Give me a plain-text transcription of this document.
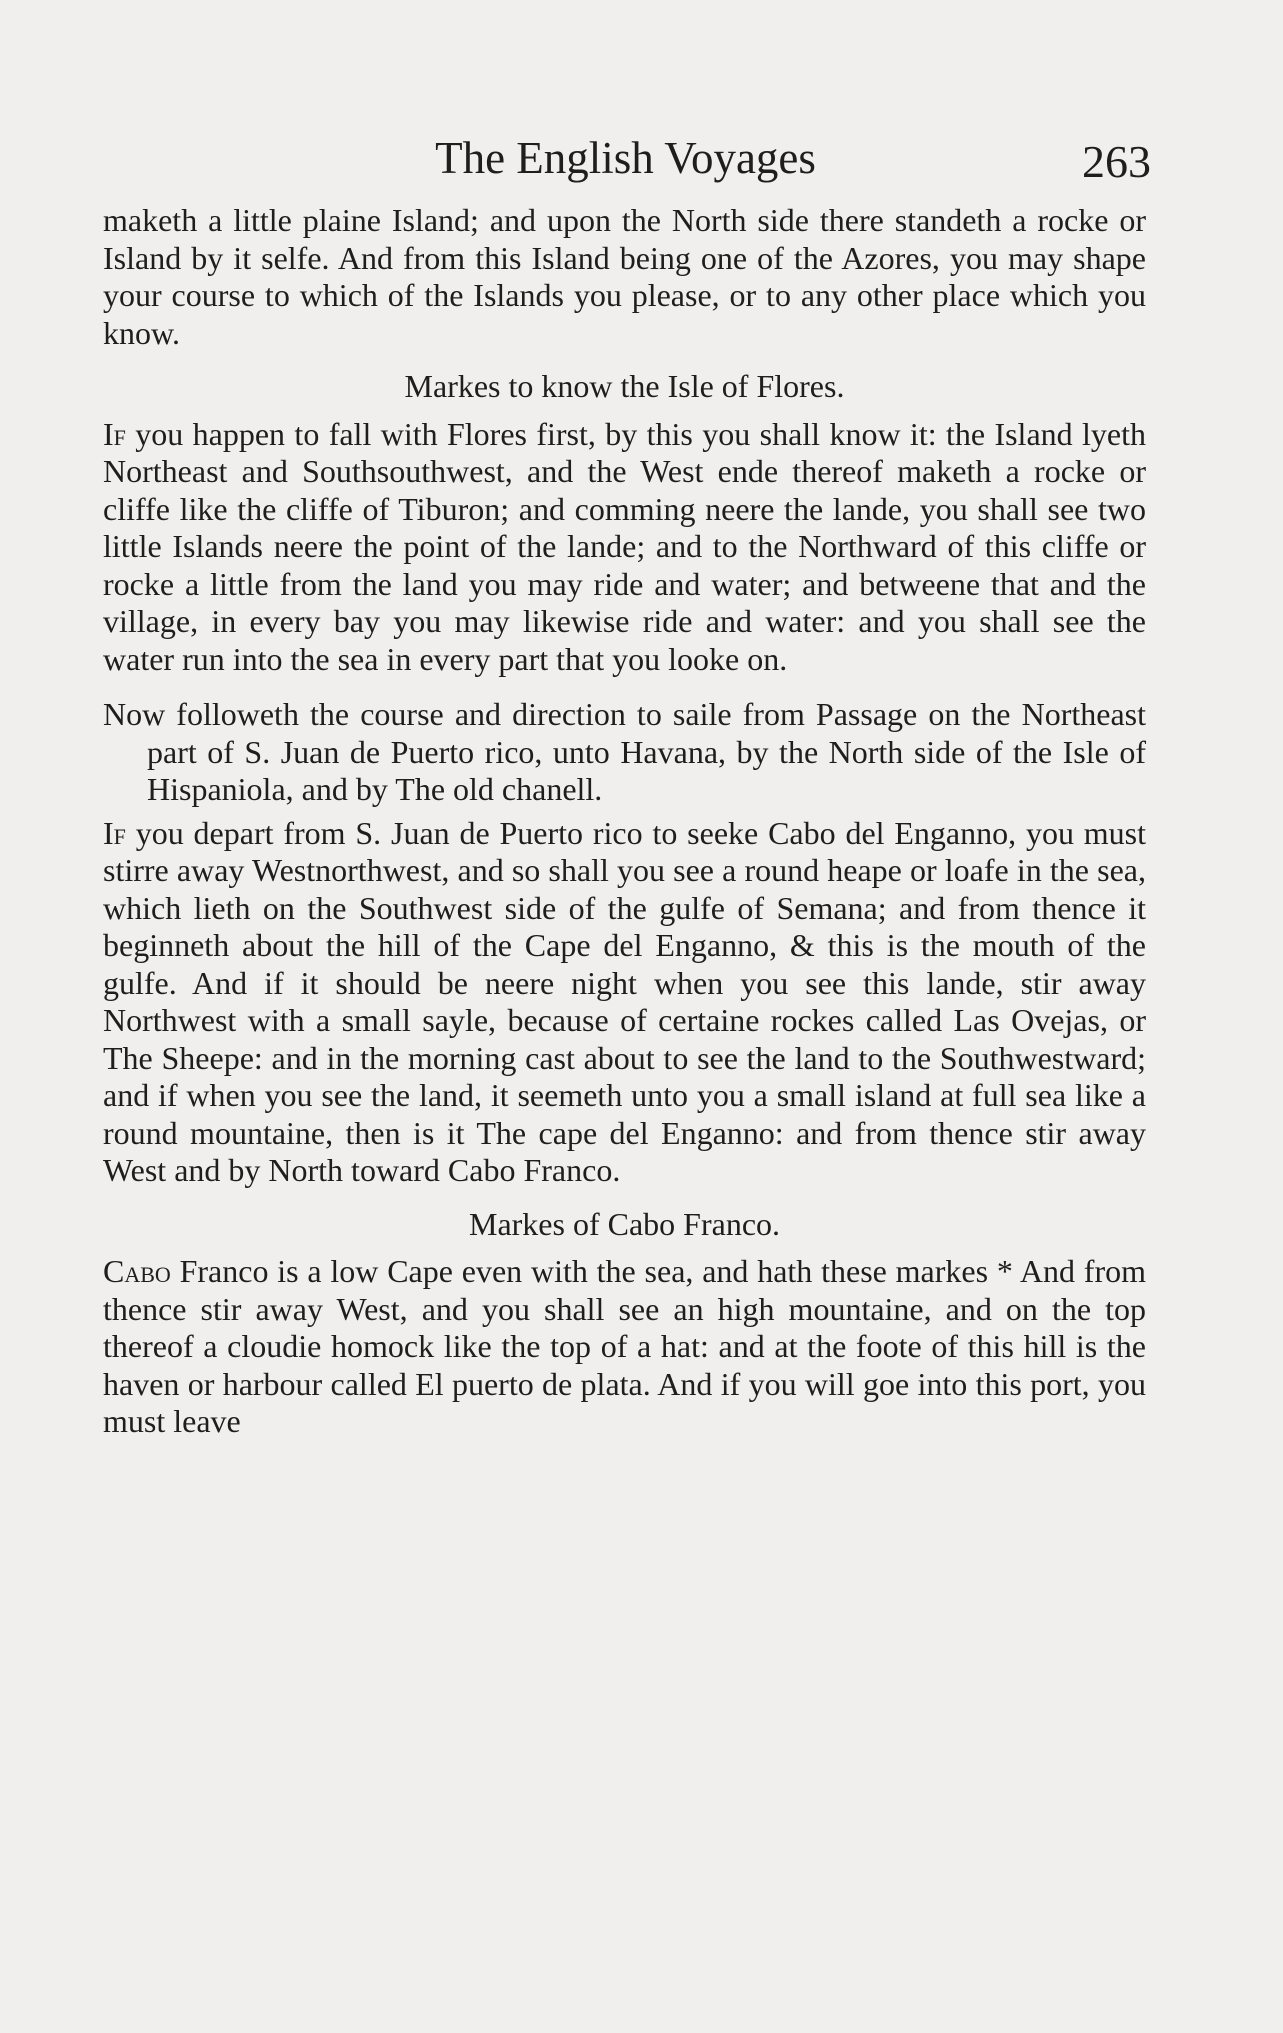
The English Voyages	263

maketh a little plaine Island; and upon the North side there standeth a rocke or Island by it selfe. And from this Island being one of the Azores, you may shape your course to which of the Islands you please, or to any other place which you know.

Markes to know the Isle of Flores.

If you happen to fall with Flores first, by this you shall know it: the Island lyeth Northeast and Southsouthwest, and the West ende thereof maketh a rocke or cliffe like the cliffe of Tiburon; and comming neere the lande, you shall see two little Islands neere the point of the lande; and to the Northward of this cliffe or rocke a little from the land you may ride and water; and betweene that and the village, in every bay you may likewise ride and water: and you shall see the water run into the sea in every part that you looke on.

Now followeth the course and direction to saile from Passage on the Northeast part of S. Juan de Puerto rico, unto Havana, by the North side of the Isle of Hispaniola, and by The old chanell.

If you depart from S. Juan de Puerto rico to seeke Cabo del Enganno, you must stirre away Westnorthwest, and so shall you see a round heape or loafe in the sea, which lieth on the Southwest side of the gulfe of Semana; and from thence it beginneth about the hill of the Cape del Enganno, & this is the mouth of the gulfe. And if it should be neere night when you see this lande, stir away Northwest with a small sayle, because of certaine rockes called Las Ovejas, or The Sheepe: and in the morning cast about to see the land to the Southwestward; and if when you see the land, it seemeth unto you a small island at full sea like a round mountaine, then is it The cape del Enganno: and from thence stir away West and by North toward Cabo Franco.

Markes of Cabo Franco.

Cabo Franco is a low Cape even with the sea, and hath these markes * And from thence stir away West, and you shall see an high mountaine, and on the top thereof a cloudie homock like the top of a hat: and at the foote of this hill is the haven or harbour called El puerto de plata. And if you will goe into this port, you must leave
